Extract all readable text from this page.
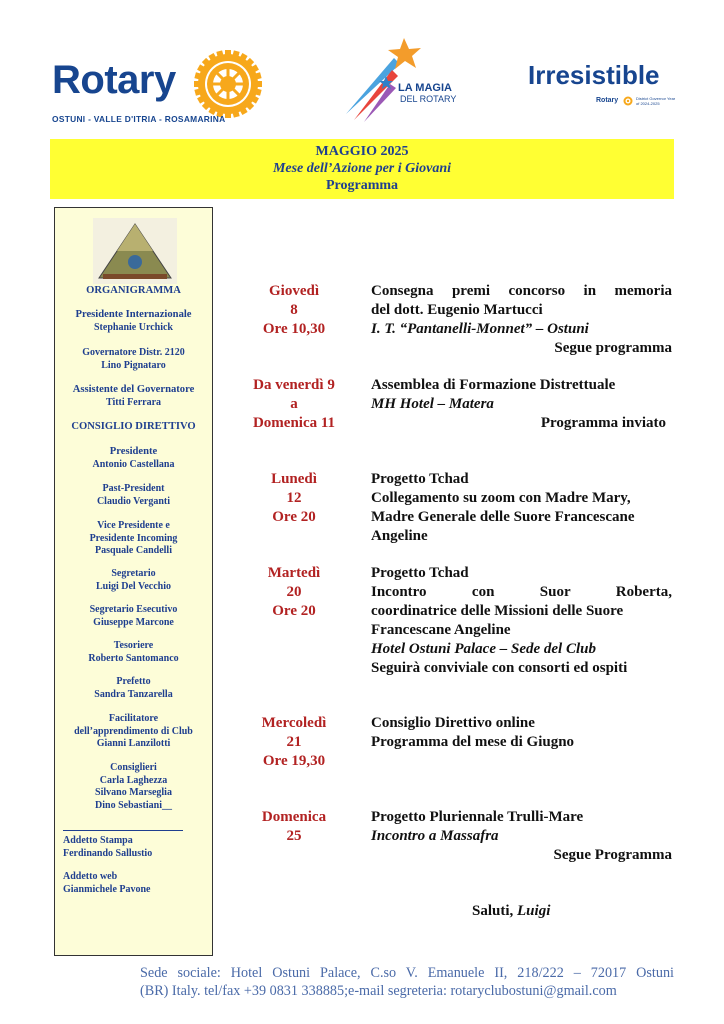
Rotary
OSTUNI - VALLE D'ITRIA - ROSAMARINA
LA MAGIA
DEL ROTARY
Irresistible
Rotary	District Governor Year of 2024-2025
MAGGIO 2025
Mese dell’Azione per i Giovani
Programma
ORGANIGRAMMA
Presidente Internazionale
Stephanie Urchick
Governatore Distr. 2120
Lino Pignataro
Assistente del Governatore
Titti Ferrara
CONSIGLIO DIRETTIVO
Presidente
Antonio Castellana
Past-President
Claudio Verganti
Vice Presidente e
Presidente Incoming
Pasquale Candelli
Segretario
Luigi Del Vecchio
Segretario Esecutivo
Giuseppe Marcone
Tesoriere
Roberto Santomanco
Prefetto
Sandra Tanzarella
Facilitatore
dell’apprendimento di Club
Gianni Lanzilotti
Consiglieri
Carla Laghezza
Silvano Marseglia
Dino Sebastiani__
Addetto Stampa
Ferdinando Sallustio
Addetto web
Gianmichele Pavone
Giovedì
8
Ore 10,30
Consegna premi concorso in memoria
del dott. Eugenio Martucci
I. T. “Pantanelli-Monnet” – Ostuni
Segue programma
Da venerdì 9
a
Domenica 11
Assemblea di Formazione Distrettuale
MH Hotel – Matera
Programma inviato
Lunedì
12
Ore 20
Progetto Tchad
Collegamento su zoom con Madre Mary,
Madre Generale delle Suore Francescane
Angeline
Martedì
20
Ore 20
Progetto Tchad
Incontro    con    Suor    Roberta,
coordinatrice delle Missioni delle Suore
Francescane Angeline
Hotel Ostuni Palace – Sede del Club
Seguirà conviviale con consorti ed ospiti
Mercoledì
21
Ore 19,30
Consiglio Direttivo online
Programma del mese di Giugno
Domenica
25
Progetto Pluriennale Trulli-Mare
Incontro a Massafra
Segue Programma
Saluti, Luigi
Sede sociale: Hotel Ostuni Palace, C.so V. Emanuele II, 218/222 – 72017 Ostuni
(BR) Italy. tel/fax +39 0831 338885;e-mail segreteria: rotaryclubostuni@gmail.com
